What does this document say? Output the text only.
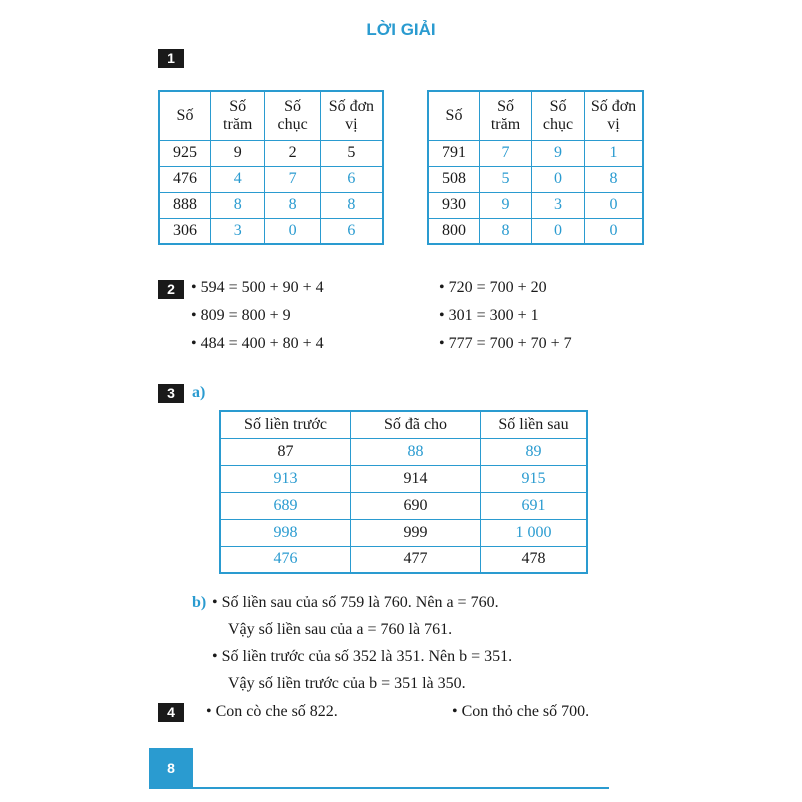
LỜI GIẢI
1
Số	Số trăm	Số chục	Số đơn vị
925	9	2	5
476	4	7	6
888	8	8	8
306	3	0	6
Số	Số trăm	Số chục	Số đơn vị
791	7	9	1
508	5	0	8
930	9	3	0
800	8	0	0
2	• 594 = 500 + 90 + 4
• 809 = 800 + 9
• 484 = 400 + 80 + 4
• 720 = 700 + 20
• 301 = 300 + 1
• 777 = 700 + 70 + 7
3	a)
Số liền trước	Số đã cho	Số liền sau
87	88	89
913	914	915
689	690	691
998	999	1 000
476	477	478
b) • Số liền sau của số 759 là 760. Nên a = 760.
Vậy số liền sau của a = 760 là 761.
• Số liền trước của số 352 là 351. Nên b = 351.
Vậy số liền trước của b = 351 là 350.
4	• Con cò che số 822.	• Con thỏ che số 700.
8
